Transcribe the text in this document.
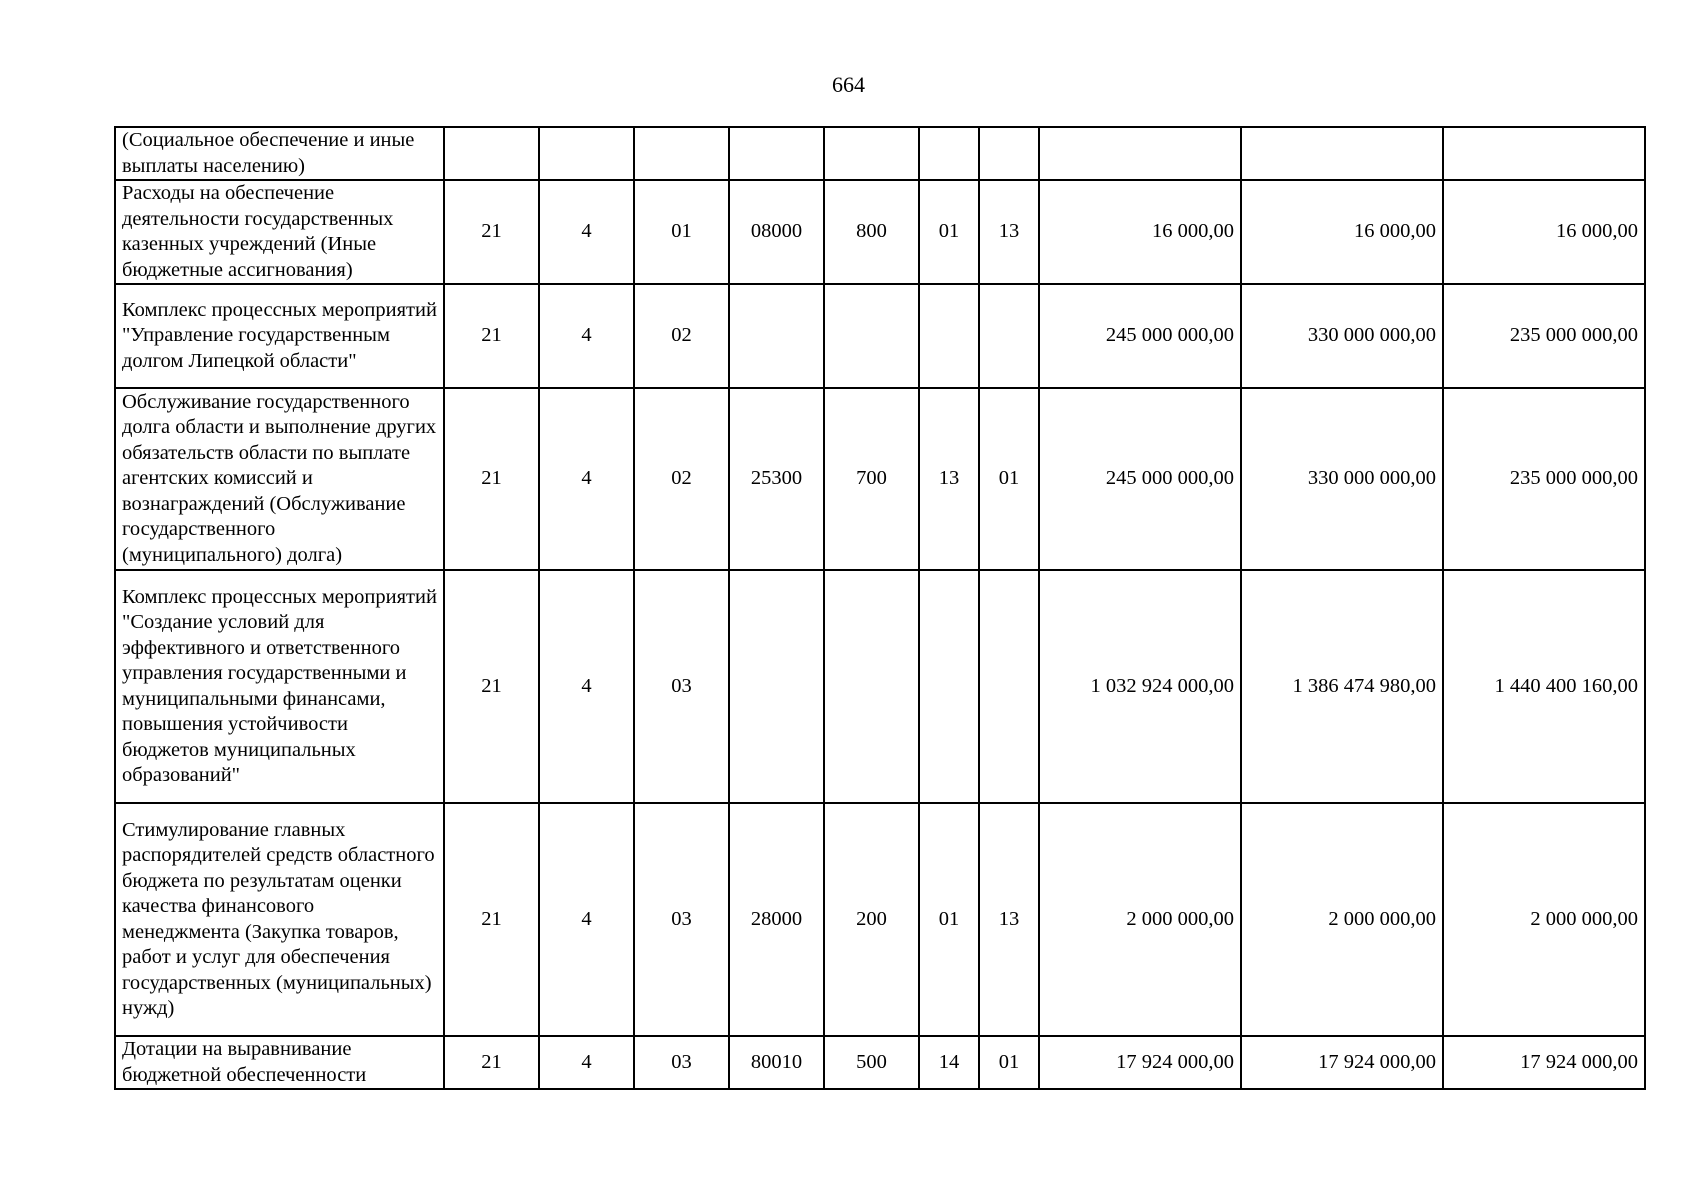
664
(Социальное обеспечение и иные выплаты населению)										
Расходы на обеспечение деятельности государственных казенных учреждений (Иные бюджетные ассигнования)	21	4	01	08000	800	01	13	16 000,00	16 000,00	16 000,00
Комплекс процессных мероприятий "Управление государственным долгом Липецкой области"	21	4	02					245 000 000,00	330 000 000,00	235 000 000,00
Обслуживание государственного долга области и выполнение других обязательств области по выплате агентских комиссий и вознаграждений (Обслуживание государственного (муниципального) долга)	21	4	02	25300	700	13	01	245 000 000,00	330 000 000,00	235 000 000,00
Комплекс процессных мероприятий "Создание условий для эффективного и ответственного управления государственными и муниципальными финансами, повышения устойчивости бюджетов муниципальных образований"	21	4	03					1 032 924 000,00	1 386 474 980,00	1 440 400 160,00
Стимулирование главных распорядителей средств областного бюджета по результатам оценки качества финансового менеджмента (Закупка товаров, работ и услуг для обеспечения государственных (муниципальных) нужд)	21	4	03	28000	200	01	13	2 000 000,00	2 000 000,00	2 000 000,00
Дотации на выравнивание бюджетной обеспеченности	21	4	03	80010	500	14	01	17 924 000,00	17 924 000,00	17 924 000,00
